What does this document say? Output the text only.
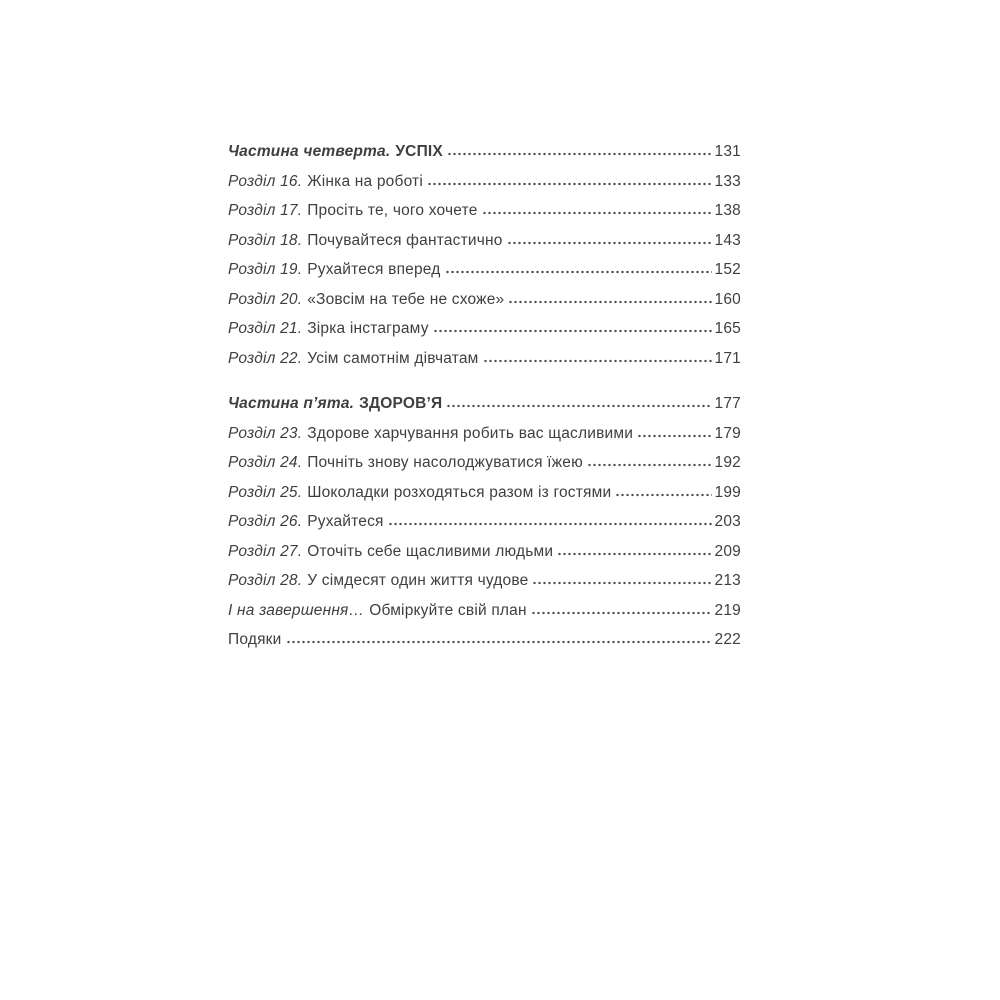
Частина четверта. УСПІХ	131
Розділ 16. Жінка на роботі	133
Розділ 17. Просіть те, чого хочете	138
Розділ 18. Почувайтеся фантастично	143
Розділ 19. Рухайтеся вперед	152
Розділ 20. «Зовсім на тебе не схоже»	160
Розділ 21. Зірка інстаграму	165
Розділ 22. Усім самотнім дівчатам	171
Частина п’ята. ЗДОРОВ’Я	177
Розділ 23. Здорове харчування робить вас щасливими	179
Розділ 24. Почніть знову насолоджуватися їжею	192
Розділ 25. Шоколадки розходяться разом із гостями	199
Розділ 26. Рухайтеся	203
Розділ 27. Оточіть себе щасливими людьми	209
Розділ 28. У сімдесят один життя чудове	213
І на завершення… Обміркуйте свій план	219
Подяки	222
